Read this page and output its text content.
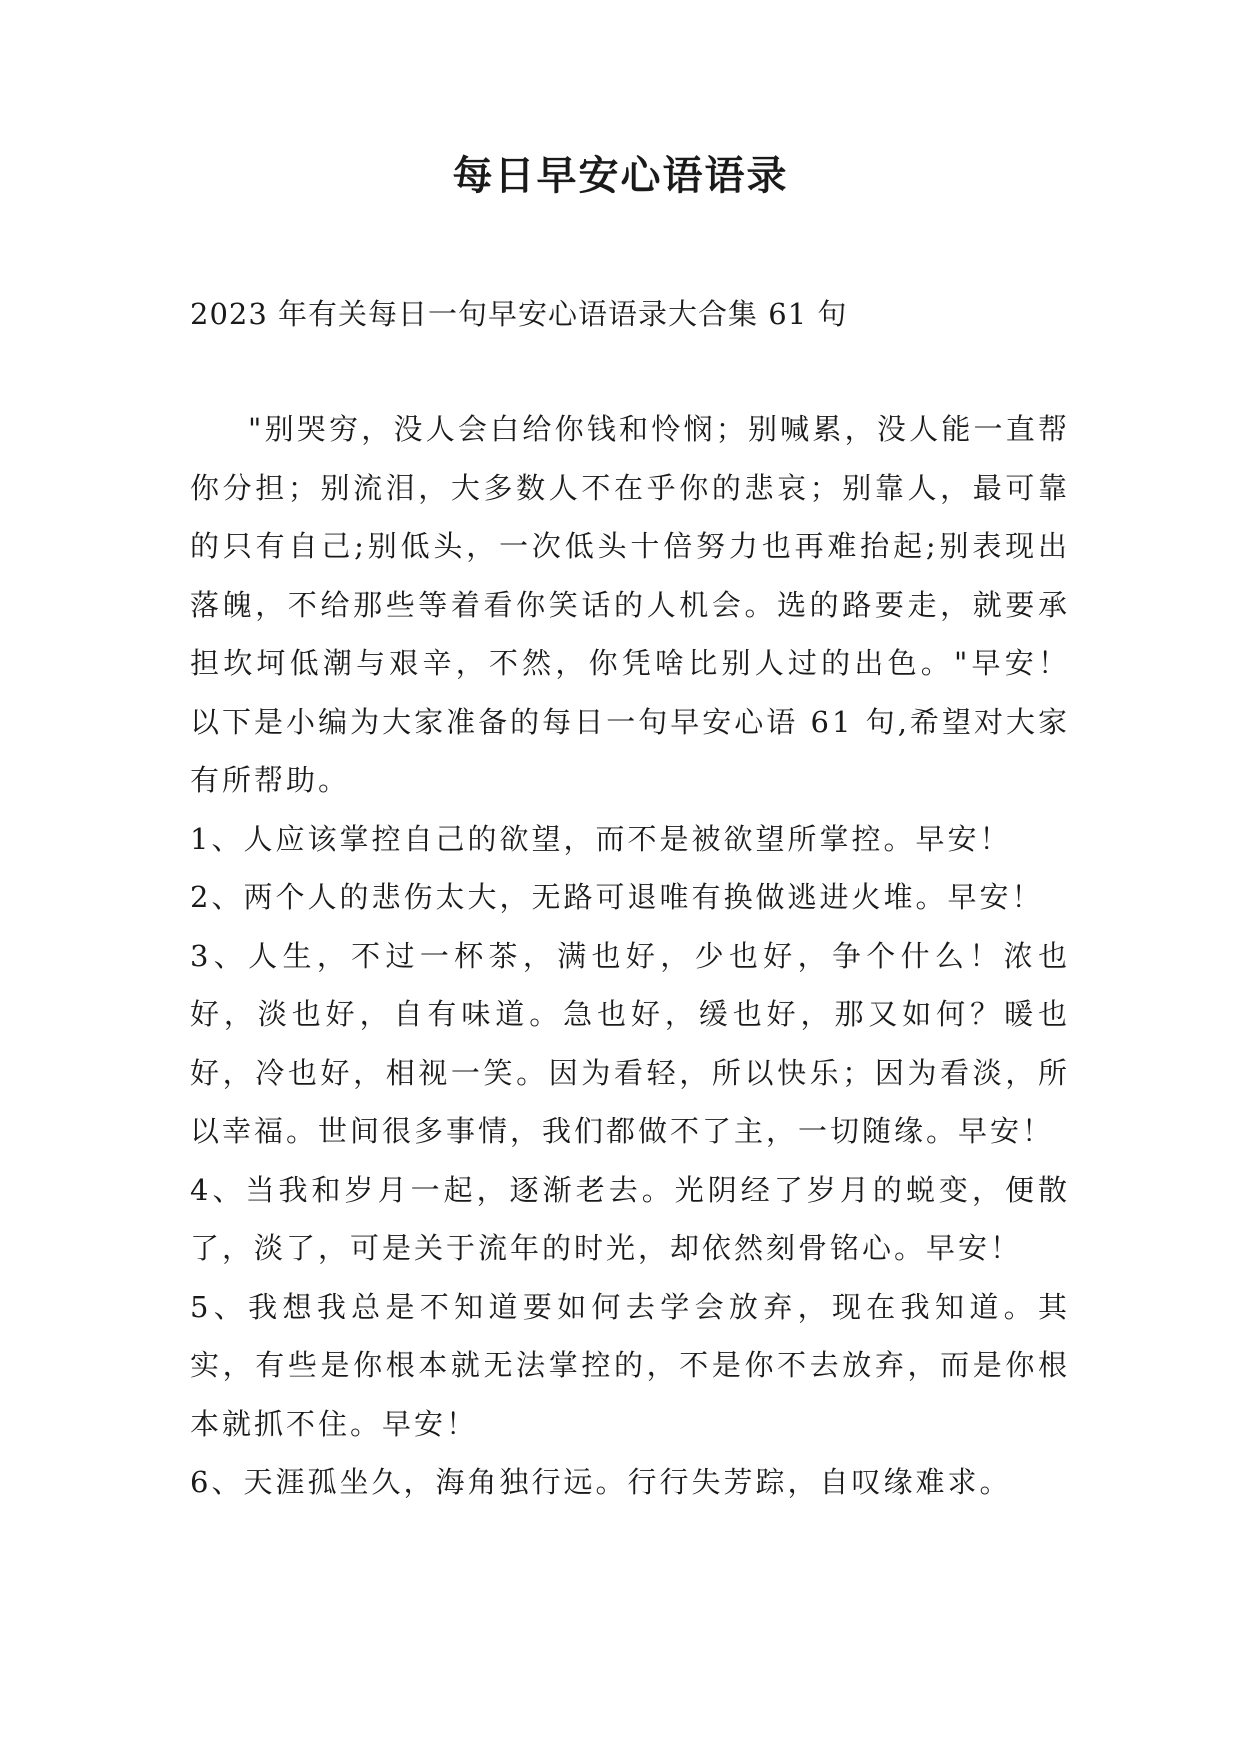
每日早安心语语录
2023 年有关每日一句早安心语语录大合集 61 句

"别哭穷，没人会白给你钱和怜悯；别喊累，没人能一直帮你分担；别流泪，大多数人不在乎你的悲哀；别靠人，最可靠的只有自己;别低头，一次低头十倍努力也再难抬起;别表现出落魄，不给那些等着看你笑话的人机会。选的路要走，就要承担坎坷低潮与艰辛，不然，你凭啥比别人过的出色。"早安！以下是小编为大家准备的每日一句早安心语 61 句,希望对大家有所帮助。

1、人应该掌控自己的欲望，而不是被欲望所掌控。早安！

2、两个人的悲伤太大，无路可退唯有换做逃进火堆。早安！

3、人生，不过一杯茶，满也好，少也好，争个什么！浓也好，淡也好，自有味道。急也好，缓也好，那又如何？暖也好，冷也好，相视一笑。因为看轻，所以快乐；因为看淡，所以幸福。世间很多事情，我们都做不了主，一切随缘。早安！

4、当我和岁月一起，逐渐老去。光阴经了岁月的蜕变，便散了，淡了，可是关于流年的时光，却依然刻骨铭心。早安！

5、我想我总是不知道要如何去学会放弃，现在我知道。其实，有些是你根本就无法掌控的，不是你不去放弃，而是你根本就抓不住。早安！

6、天涯孤坐久，海角独行远。行行失芳踪，自叹缘难求。
